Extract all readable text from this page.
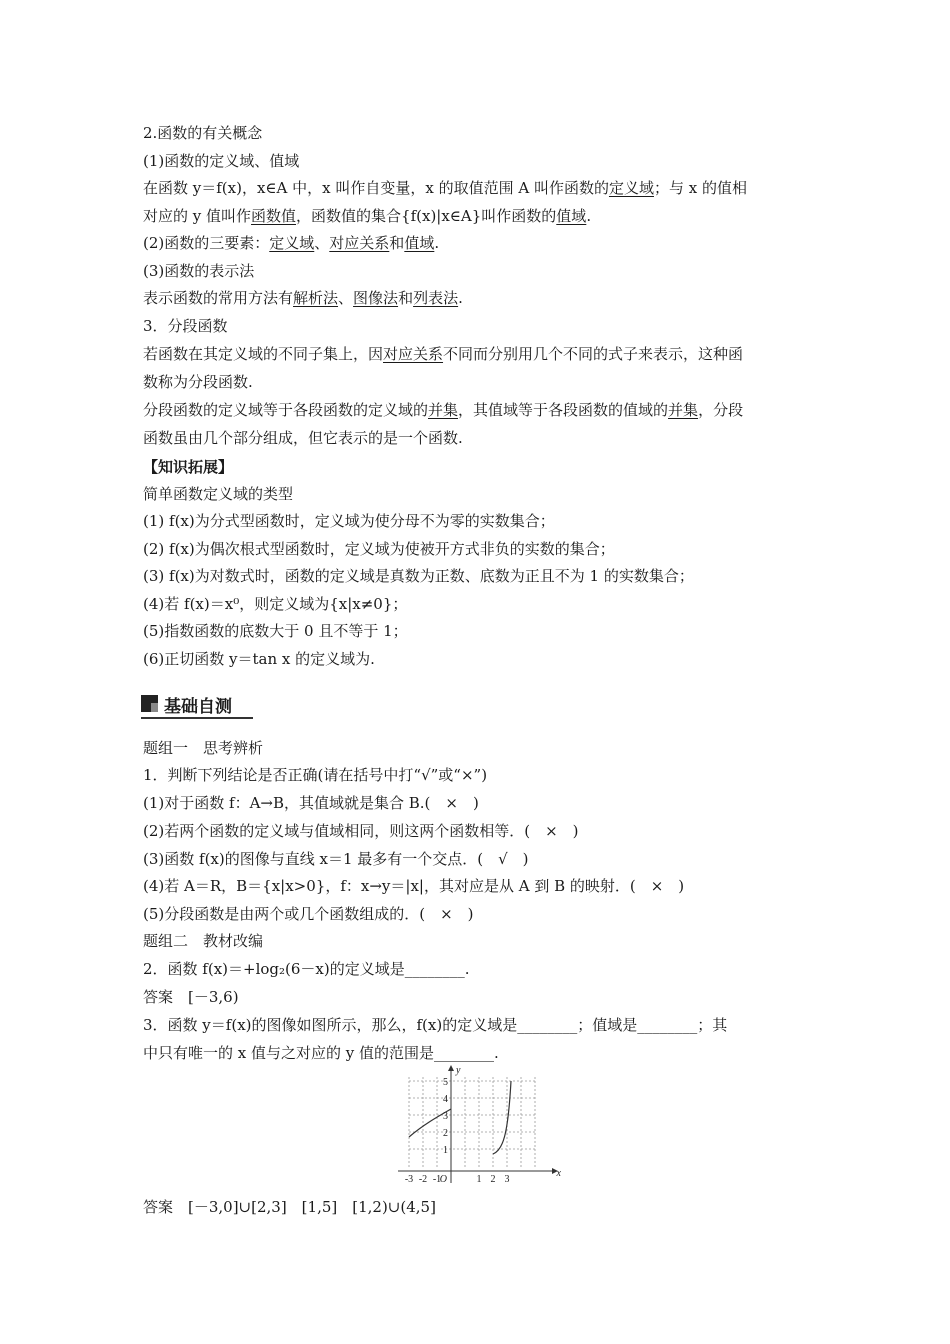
2.函数的有关概念
(1)函数的定义域、值域
在函数 y＝f(x)，x∈A 中，x 叫作自变量，x 的取值范围 A 叫作函数的定义域；与 x 的值相
对应的 y 值叫作函数值，函数值的集合{f(x)|x∈A}叫作函数的值域.
(2)函数的三要素：定义域、对应关系和值域.
(3)函数的表示法
表示函数的常用方法有解析法、图像法和列表法.
3．分段函数
若函数在其定义域的不同子集上，因对应关系不同而分别用几个不同的式子来表示，这种函
数称为分段函数.
分段函数的定义域等于各段函数的定义域的并集，其值域等于各段函数的值域的并集，分段
函数虽由几个部分组成，但它表示的是一个函数.
【知识拓展】
简单函数定义域的类型
(1) f(x)为分式型函数时，定义域为使分母不为零的实数集合；
(2) f(x)为偶次根式型函数时，定义域为使被开方式非负的实数的集合；
(3) f(x)为对数式时，函数的定义域是真数为正数、底数为正且不为 1 的实数集合；
(4)若 f(x)＝x⁰，则定义域为{x|x≠0}；
(5)指数函数的底数大于 0 且不等于 1；
(6)正切函数 y＝tan x 的定义域为.
基础自测
题组一　思考辨析
1．判断下列结论是否正确(请在括号中打“√”或“×”)
(1)对于函数 f：A→B，其值域就是集合 B.(　×　)
(2)若两个函数的定义域与值域相同，则这两个函数相等．(　×　)
(3)函数 f(x)的图像与直线 x＝1 最多有一个交点．(　√　)
(4)若 A＝R，B＝{x|x>0}，f：x→y＝|x|，其对应是从 A 到 B 的映射．(　×　)
(5)分段函数是由两个或几个函数组成的．(　×　)
题组二　教材改编
2．函数 f(x)＝+log₂(6－x)的定义域是________.
答案　[－3,6)
3．函数 y＝f(x)的图像如图所示，那么，f(x)的定义域是________；值域是________；其
中只有唯一的 x 值与之对应的 y 值的范围是________.
x
y
O
-3 -2 -1	1 2 3
1
2
3
4
5
答案　[－3,0]∪[2,3]　[1,5]　[1,2)∪(4,5]
